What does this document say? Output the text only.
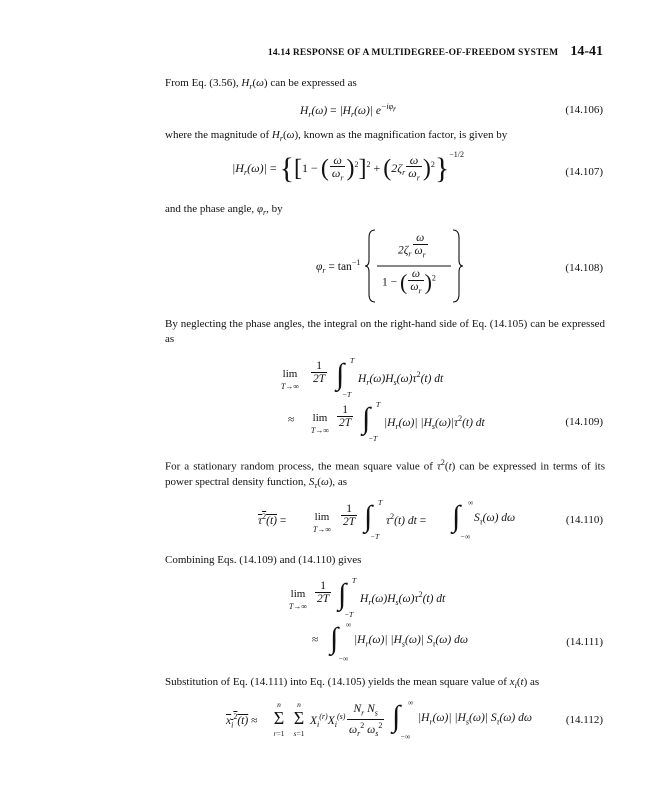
14.14 RESPONSE OF A MULTIDEGREE-OF-FREEDOM SYSTEM 14-41
From Eq. (3.56), $H_r(\omega)$ can be expressed as
$H_r(\omega) = |H_r(\omega)|$ $e^{-i\varphi_r}$	(14.106)
where the magnitude of $H_r(\omega)$, known as the magnification factor, is given by
$|H_r(\omega)| = \{[1$ − ( $\frac{\omega}{\omega_r} )^2]^2 + (2\zeta_r \frac{\omega}{\omega_r} )^2\}^{-1/2}$
(14.107)
and the phase angle, $\varphi_r$, by
$\varphi_r = \tan^{-1}$
$2\zeta_r \frac{\omega}{\omega_r}$
1 − ( $\frac{\omega}{\omega_r} )^2$
(14.108)
By neglecting the phase angles, the integral on the right-hand side of Eq. (14.105) can be expressed as
lim
T→∞
$\frac{1}{2T}$ ∫ T
−T
$H_r(\omega)H_s(\omega)\tau^2(t)$ dt
≈	lim
T→∞
$\frac{1}{2T}$ ∫ T
−T
$|H_r(\omega)|$ $|H_s(\omega)|\tau^2(t)$ dt	(14.109)
For a stationary random process, the mean square value of $\tau^2(t)$ can be expressed in terms of its power spectral density function, $S_\tau(\omega)$, as
$\tau^2(t)$ =	lim
T→∞
$\frac{1}{2T}$ ∫ T
−T
$\tau^2(t)$ dt = ∫ ∞
−∞
$S_\tau(\omega)$ dω	(14.110)
Combining Eqs. (14.109) and (14.110) gives
lim
T→∞
$\frac{1}{2T}$ ∫ T
−T
$H_r(\omega)H_s(\omega)\tau^2(t)$ dt
≈ ∫ ∞
−∞
$|H_r(\omega)|$ $|H_s(\omega)|$ $S_\tau(\omega)$ dω	(14.111)
Substitution of Eq. (14.111) into Eq. (14.105) yields the mean square value of $x_i(t)$ as
$x_i^2(t)$ ≈
n
Σ
r=1
n
Σ
s=1
$X_i^{(r)}X_i^{(s)} \frac{N_r N_s}{\omega_r^2 \omega_s^2}$ ∫ ∞
−∞
$|H_r(\omega)|$ $|H_s(\omega)|$ $S_\tau(\omega)$ dω	(14.112)
